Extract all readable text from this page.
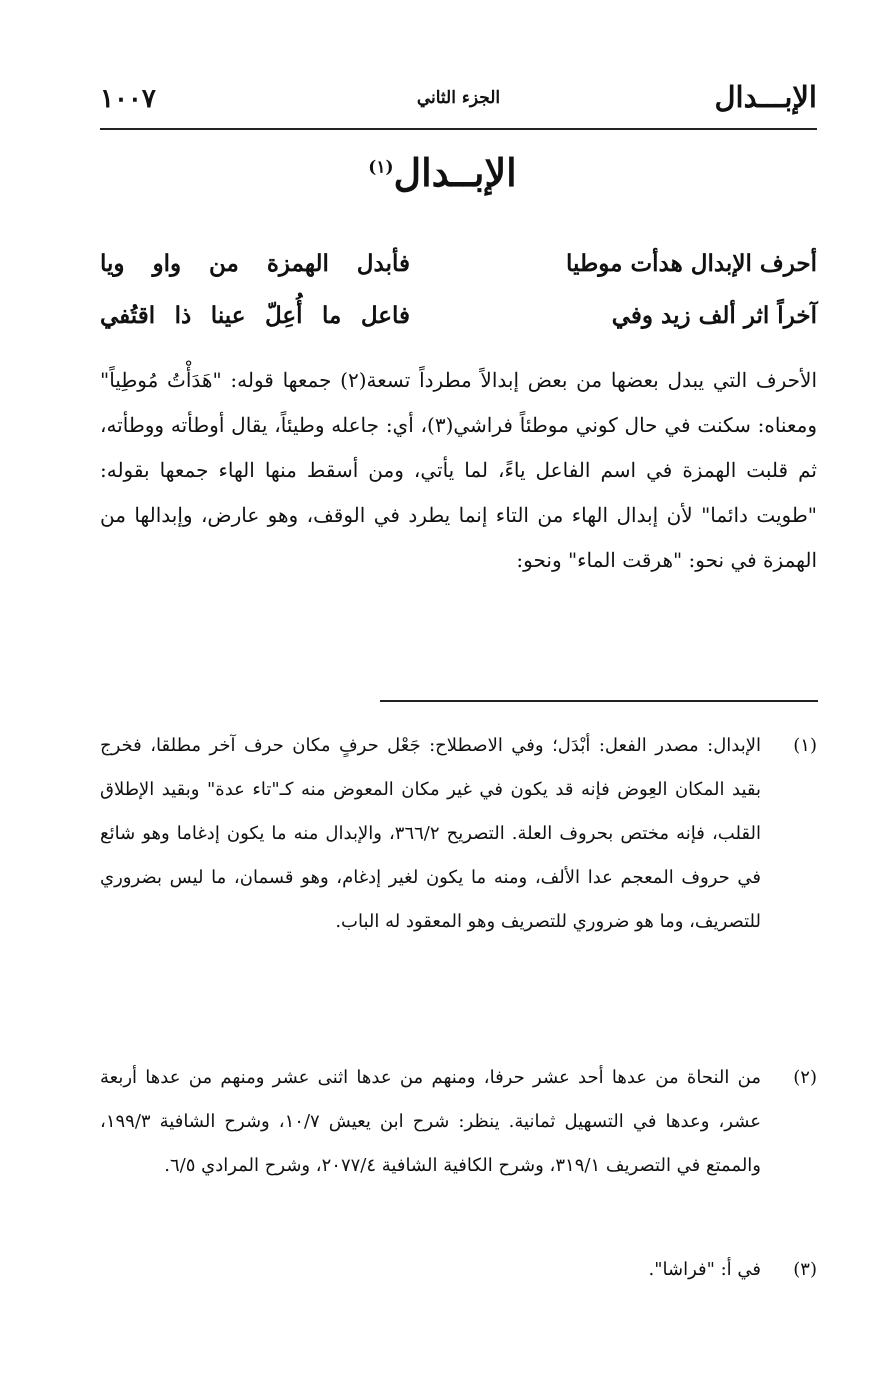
الإبـــدال
الجزء الثاني
١٠٠٧
الإبــدال$^{(١)}$
أحرف الإبدال هدأت موطيا
فأبدل الهمزة من واو ويا
آخراً اثر ألف زيد وفي
فاعل ما أُعِلّ عينا ذا اقتُفي
الأحرف التي يبدل بعضها من بعض إبدالاً مطرداً تسعة(٢) جمعها قوله: "هَدَأْتُ مُوطِياً" ومعناه: سكنت في حال كوني موطئاً فراشي(٣)، أي: جاعله وطيئاً، يقال أوطأته ووطأته، ثم قلبت الهمزة في اسم الفاعل ياءً، لما يأتي، ومن أسقط منها الهاء جمعها بقوله: "طويت دائما" لأن إبدال الهاء من التاء إنما يطرد في الوقف، وهو عارض، وإبدالها من الهمزة في نحو: "هرقت الماء" ونحو:
(١)
الإبدال: مصدر الفعل: أبْدَل؛ وفي الاصطلاح: جَعْل حرفٍ مكان حرف آخر مطلقا، فخرج بقيد المكان العِوض فإنه قد يكون في غير مكان المعوض منه كـ"تاء عدة" وبقيد الإطلاق القلب، فإنه مختص بحروف العلة. التصريح ٣٦٦/٢، والإبدال منه ما يكون إدغاما وهو شائع في حروف المعجم عدا الألف، ومنه ما يكون لغير إدغام، وهو قسمان، ما ليس بضروري للتصريف، وما هو ضروري للتصريف وهو المعقود له الباب.
(٢)
من النحاة من عدها أحد عشر حرفا، ومنهم من عدها اثنى عشر ومنهم من عدها أربعة عشر، وعدها في التسهيل ثمانية. ينظر: شرح ابن يعيش ١٠/٧، وشرح الشافية ١٩٩/٣، والممتع في التصريف ٣١٩/١، وشرح الكافية الشافية ٢٠٧٧/٤، وشرح المرادي ٦/٥.
(٣)
في أ: "فراشا".
